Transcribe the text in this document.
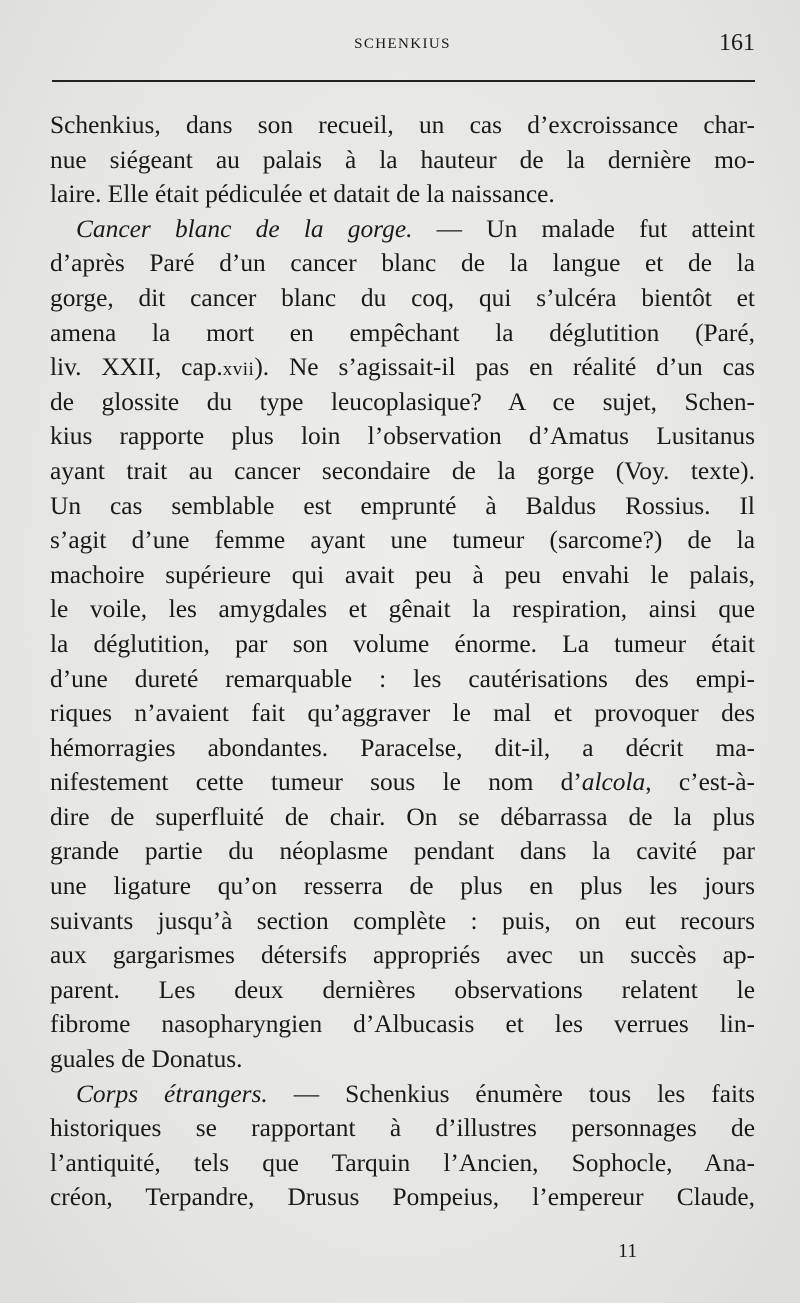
SCHENKIUS	161
Schenkius, dans son recueil, un cas d’excroissance char-
nue siégeant au palais à la hauteur de la dernière mo-
laire. Elle était pédiculée et datait de la naissance.
Cancer blanc de la gorge. — Un malade fut atteint
d’après Paré d’un cancer blanc de la langue et de la
gorge, dit cancer blanc du coq, qui s’ulcéra bientôt et
amena la mort en empêchant la déglutition (Paré,
liv. XXII, cap.xvii). Ne s’agissait-il pas en réalité d’un cas
de glossite du type leucoplasique? A ce sujet, Schen-
kius rapporte plus loin l’observation d’Amatus Lusitanus
ayant trait au cancer secondaire de la gorge (Voy. texte).
Un cas semblable est emprunté à Baldus Rossius. Il
s’agit d’une femme ayant une tumeur (sarcome?) de la
machoire supérieure qui avait peu à peu envahi le palais,
le voile, les amygdales et gênait la respiration, ainsi que
la déglutition, par son volume énorme. La tumeur était
d’une dureté remarquable : les cautérisations des empi-
riques n’avaient fait qu’aggraver le mal et provoquer des
hémorragies abondantes. Paracelse, dit-il, a décrit ma-
nifestement cette tumeur sous le nom d’alcola, c’est-à-
dire de superfluité de chair. On se débarrassa de la plus
grande partie du néoplasme pendant dans la cavité par
une ligature qu’on resserra de plus en plus les jours
suivants jusqu’à section complète : puis, on eut recours
aux gargarismes détersifs appropriés avec un succès ap-
parent. Les deux dernières observations relatent le
fibrome nasopharyngien d’Albucasis et les verrues lin-
guales de Donatus.
Corps étrangers. — Schenkius énumère tous les faits
historiques se rapportant à d’illustres personnages de
l’antiquité, tels que Tarquin l’Ancien, Sophocle, Ana-
créon, Terpandre, Drusus Pompeius, l’empereur Claude,
11
